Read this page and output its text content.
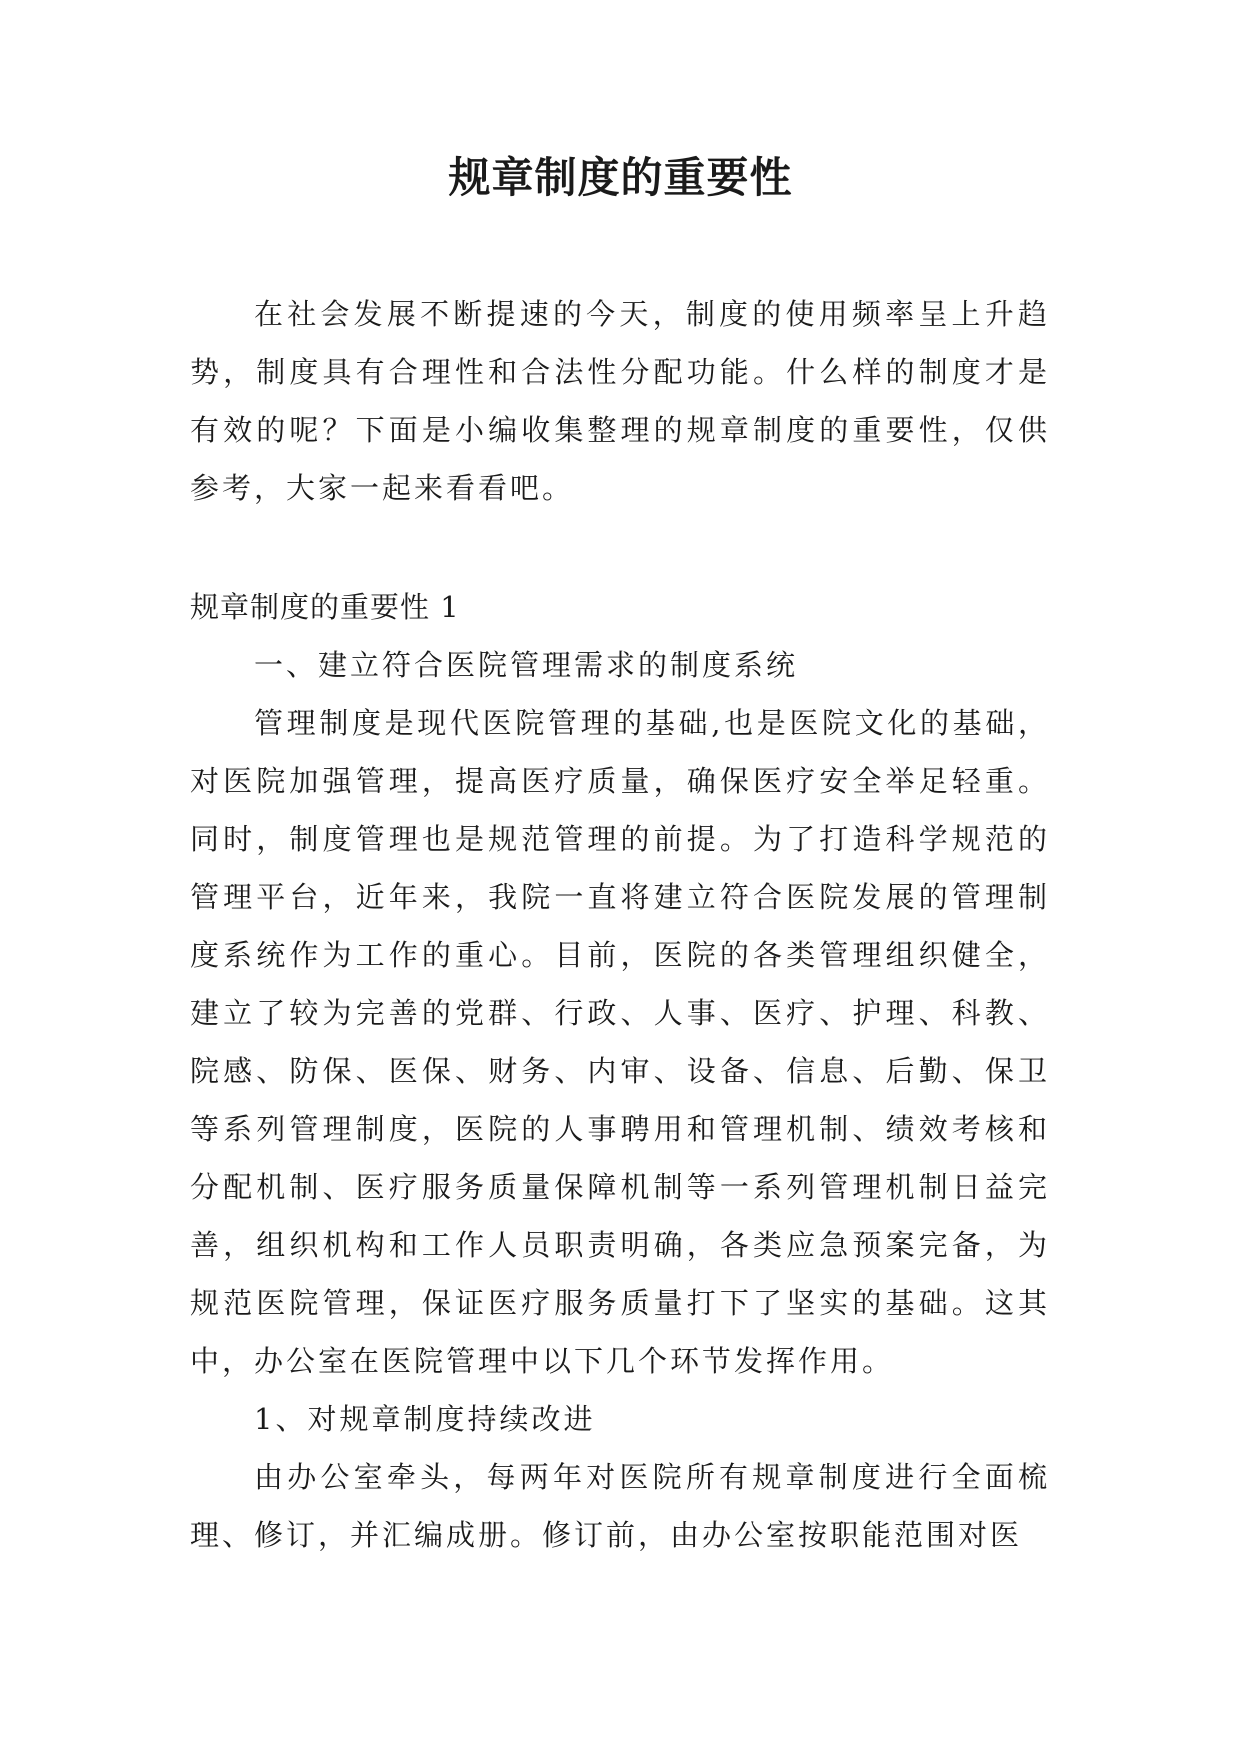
规章制度的重要性

在社会发展不断提速的今天，制度的使用频率呈上升趋势，制度具有合理性和合法性分配功能。什么样的制度才是有效的呢？下面是小编收集整理的规章制度的重要性，仅供参考，大家一起来看看吧。

规章制度的重要性 1

一、建立符合医院管理需求的制度系统

管理制度是现代医院管理的基础,也是医院文化的基础，对医院加强管理，提高医疗质量，确保医疗安全举足轻重。同时，制度管理也是规范管理的前提。为了打造科学规范的管理平台，近年来，我院一直将建立符合医院发展的管理制度系统作为工作的重心。目前，医院的各类管理组织健全，建立了较为完善的党群、行政、人事、医疗、护理、科教、院感、防保、医保、财务、内审、设备、信息、后勤、保卫等系列管理制度，医院的人事聘用和管理机制、绩效考核和分配机制、医疗服务质量保障机制等一系列管理机制日益完善，组织机构和工作人员职责明确，各类应急预案完备，为规范医院管理，保证医疗服务质量打下了坚实的基础。这其中，办公室在医院管理中以下几个环节发挥作用。

1、对规章制度持续改进

由办公室牵头，每两年对医院所有规章制度进行全面梳理、修订，并汇编成册。修订前，由办公室按职能范围对医
